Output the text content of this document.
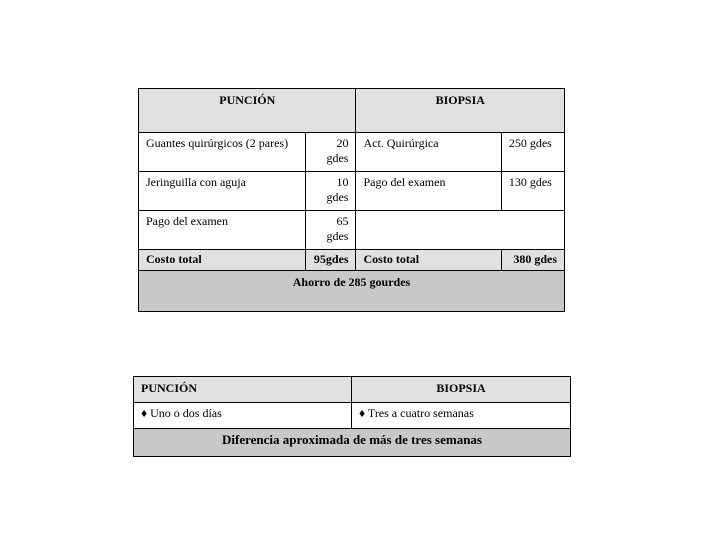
PUNCIÓN		BIOPSIA	
Guantes quirúrgicos (2 pares)	20 gdes	Act. Quirúrgica	250 gdes
Jeringuilla con aguja	10 gdes	Pago del examen	130 gdes
Pago del examen	65 gdes		
Costo total	95gdes	Costo total	380 gdes
Ahorro de 285 gourdes			
PUNCIÓN	BIOPSIA
♦ Uno o dos días	♦ Tres a cuatro semanas
Diferencia aproximada de más de tres semanas	
